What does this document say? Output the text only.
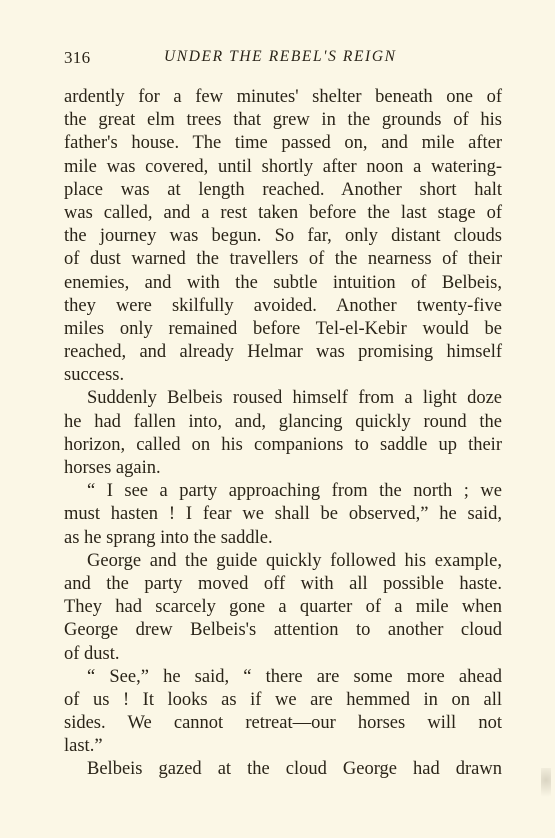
316	UNDER THE REBEL'S REIGN
ardently for a few minutes' shelter beneath one of
the great elm trees that grew in the grounds of his
father's house. The time passed on, and mile after
mile was covered, until shortly after noon a watering-
place was at length reached. Another short halt
was called, and a rest taken before the last stage of
the journey was begun. So far, only distant clouds
of dust warned the travellers of the nearness of their
enemies, and with the subtle intuition of Belbeis,
they were skilfully avoided. Another twenty-five
miles only remained before Tel-el-Kebir would be
reached, and already Helmar was promising himself
success.
Suddenly Belbeis roused himself from a light doze
he had fallen into, and, glancing quickly round the
horizon, called on his companions to saddle up their
horses again.
“ I see a party approaching from the north ; we
must hasten ! I fear we shall be observed,” he said,
as he sprang into the saddle.
George and the guide quickly followed his example,
and the party moved off with all possible haste.
They had scarcely gone a quarter of a mile when
George drew Belbeis's attention to another cloud
of dust.
“ See,” he said, “ there are some more ahead
of us ! It looks as if we are hemmed in on all
sides. We cannot retreat—our horses will not
last.”
Belbeis gazed at the cloud George had drawn
